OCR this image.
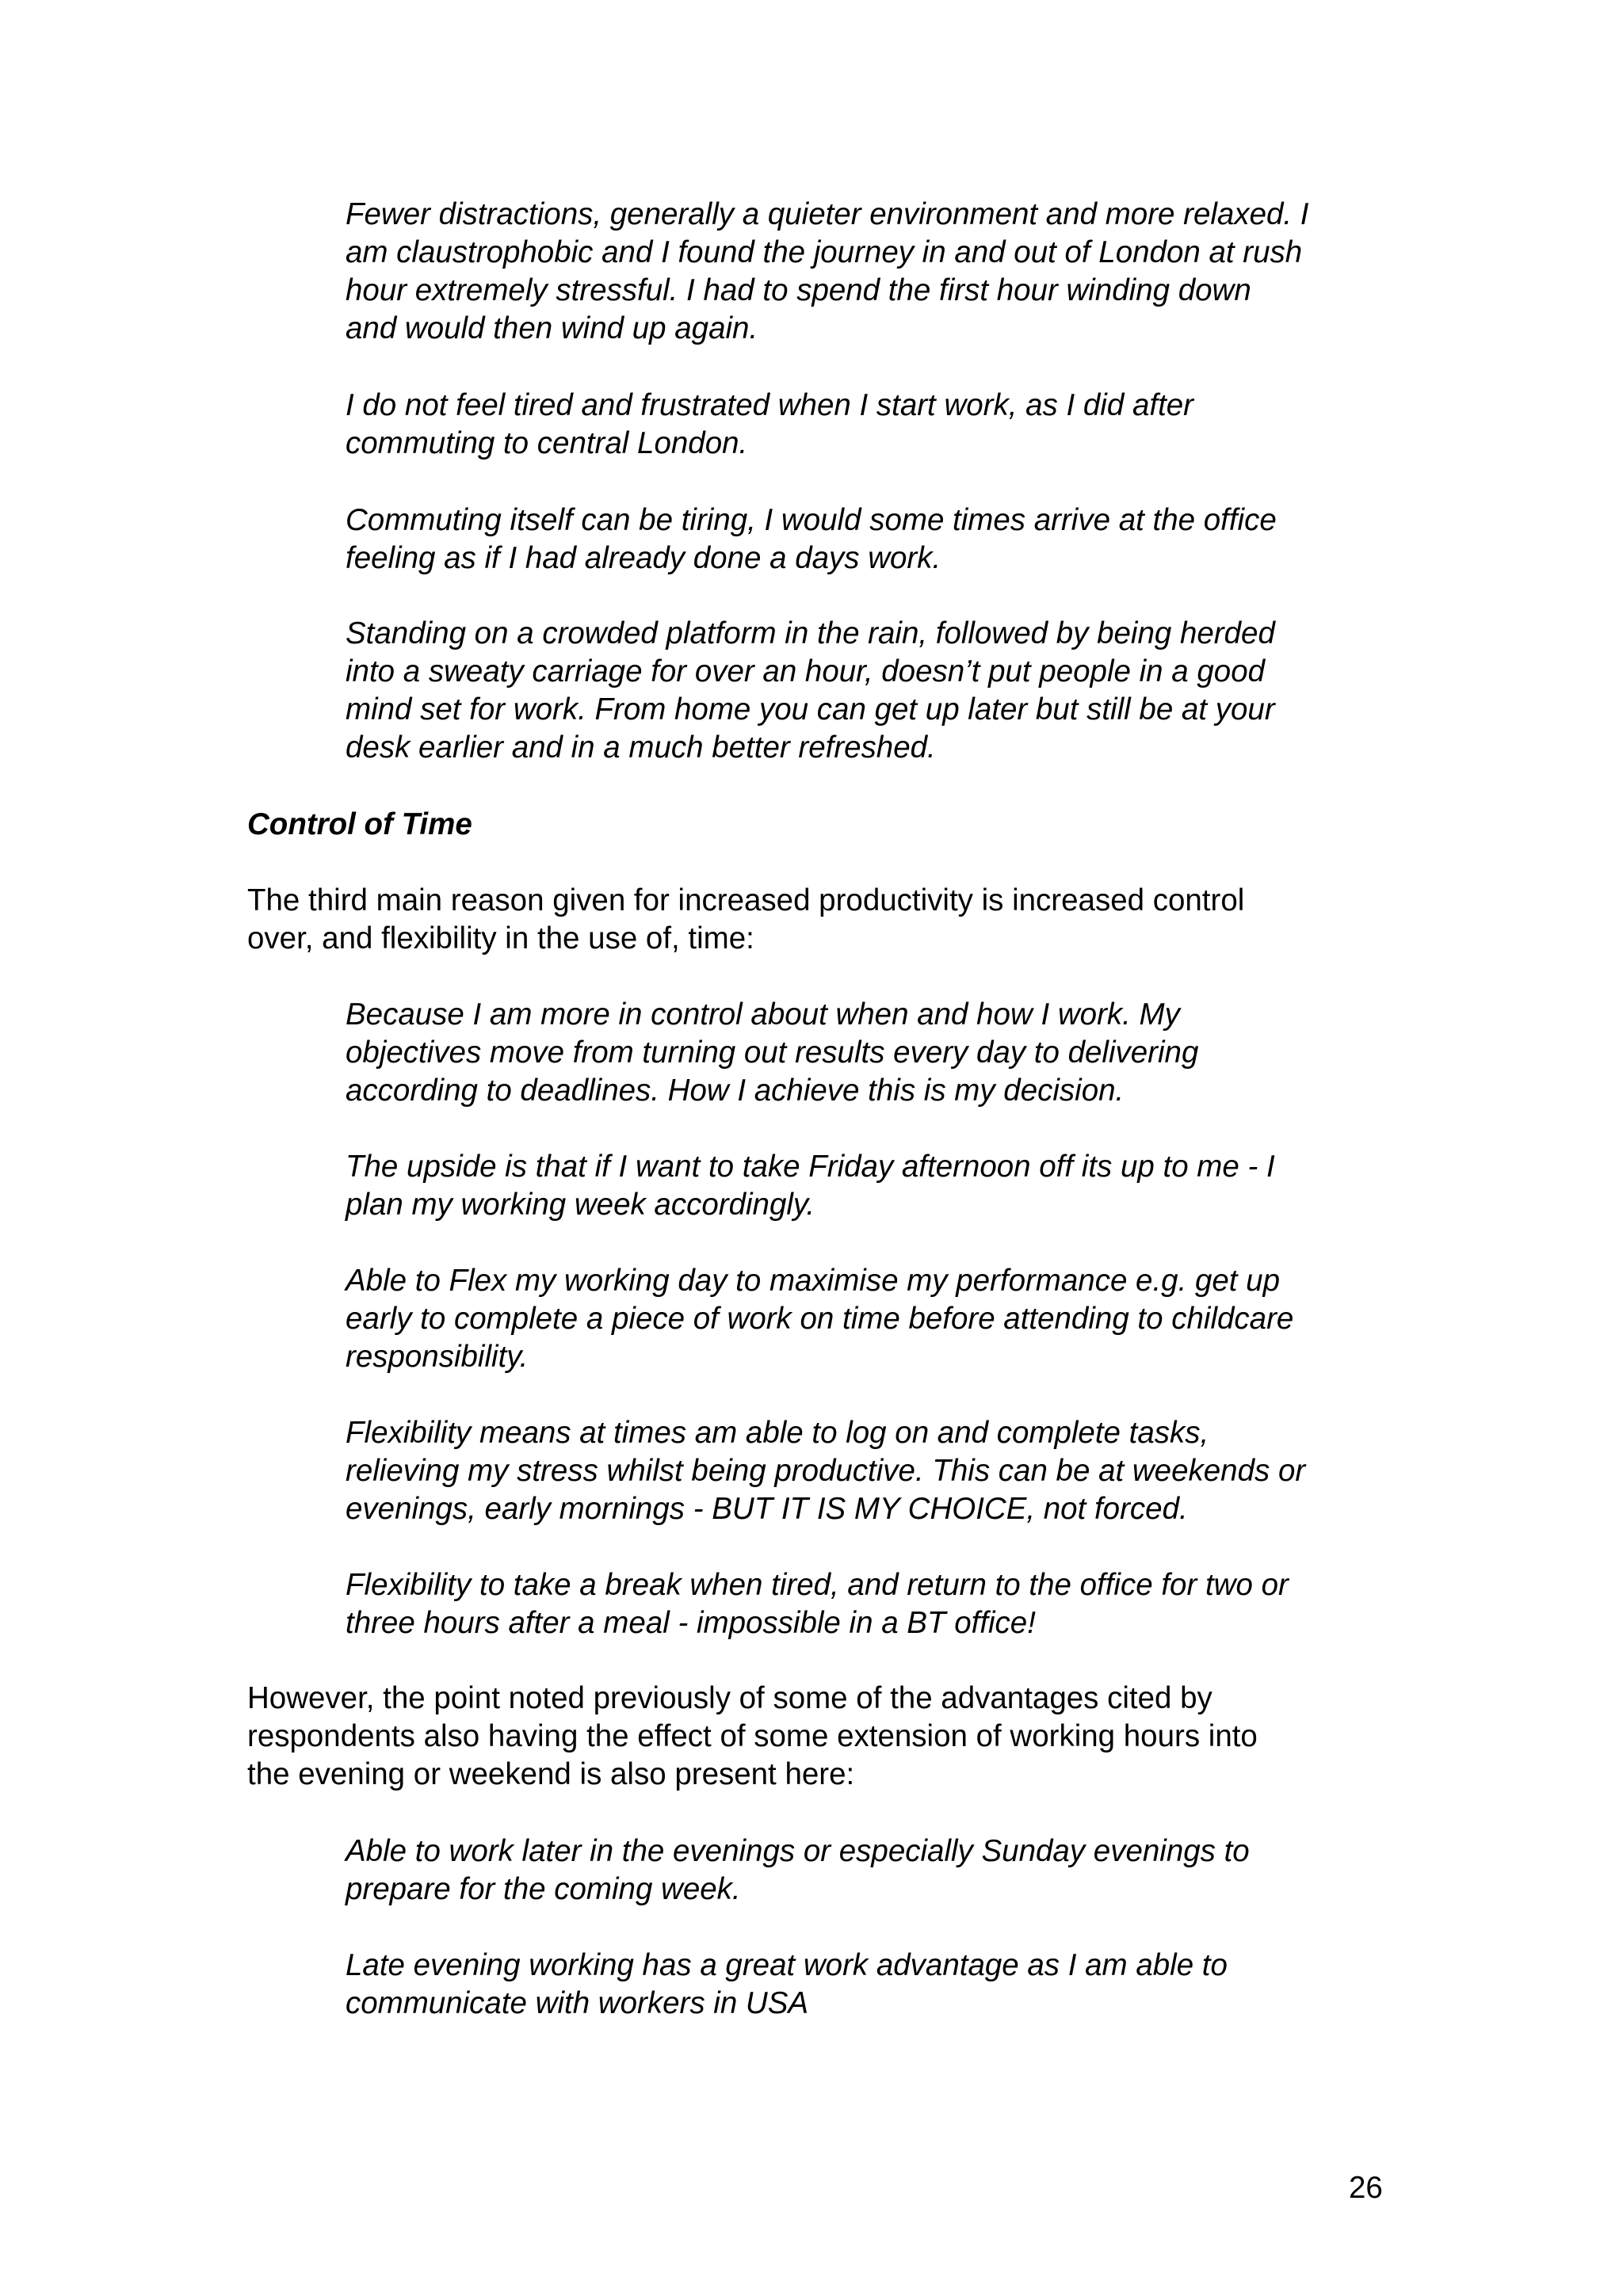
Fewer distractions, generally a quieter environment and more relaxed. I
am claustrophobic and I found the journey in and out of London at rush
hour extremely stressful. I had to spend the first hour winding down
and would then wind up again.

I do not feel tired and frustrated when I start work, as I did after
commuting to central London.

Commuting itself can be tiring, I would some times arrive at the office
feeling as if I had already done a days work.

Standing on a crowded platform in the rain, followed by being herded
into a sweaty carriage for over an hour, doesn’t put people in a good
mind set for work. From home you can get up later but still be at your
desk earlier and in a much better refreshed.

Control of Time

The third main reason given for increased productivity is increased control
over, and flexibility in the use of, time:

Because I am more in control about when and how I work. My
objectives move from turning out results every day to delivering
according to deadlines. How I achieve this is my decision.

The upside is that if I want to take Friday afternoon off its up to me - I
plan my working week accordingly.

Able to Flex my working day to maximise my performance e.g. get up
early to complete a piece of work on time before attending to childcare
responsibility.

Flexibility means at times am able to log on and complete tasks,
relieving my stress whilst being productive. This can be at weekends or
evenings, early mornings - BUT IT IS MY CHOICE, not forced.

Flexibility to take a break when tired, and return to the office for two or
three hours after a meal - impossible in a BT office!

However, the point noted previously of some of the advantages cited by
respondents also having the effect of some extension of working hours into
the evening or weekend is also present here:

Able to work later in the evenings or especially Sunday evenings to
prepare for the coming week.

Late evening working has a great work advantage as I am able to
communicate with workers in USA

26
